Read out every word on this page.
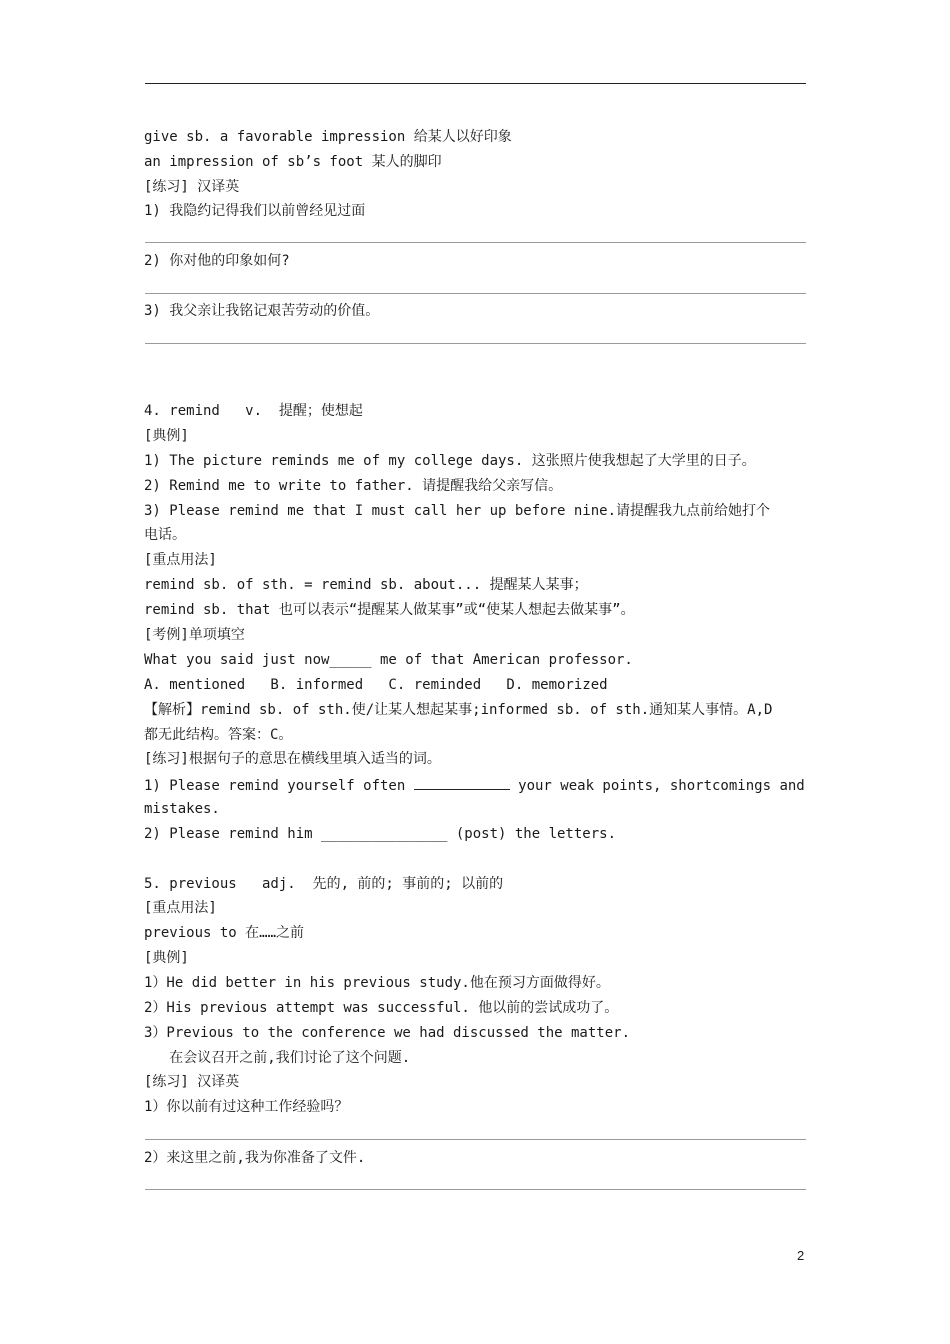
give sb. a favorable impression 给某人以好印象

an impression of sb’s foot 某人的脚印

[练习] 汉译英

1) 我隐约记得我们以前曾经见过面

2) 你对他的印象如何?

3) 我父亲让我铭记艰苦劳动的价值。

4. remind   v.  提醒；使想起

[典例]

1) The picture reminds me of my college days. 这张照片使我想起了大学里的日子。

2) Remind me to write to father. 请提醒我给父亲写信。

3) Please remind me that I must call her up before nine.请提醒我九点前给她打个

电话。

[重点用法]

remind sb. of sth. = remind sb. about... 提醒某人某事；

remind sb. that 也可以表示“提醒某人做某事”或“使某人想起去做某事”。

[考例]单项填空

What you said just now_____ me of that American professor.

A. mentioned   B. informed   C. reminded   D. memorized

【解析】remind sb. of sth.使/让某人想起某事;informed sb. of sth.通知某人事情。A,D

都无此结构。答案：C。

[练习]根据句子的意思在横线里填入适当的词。

1) Please remind yourself often	your weak points, shortcomings and

mistakes.

2) Please remind him _______________ (post) the letters.

5. previous   adj.  先的, 前的; 事前的; 以前的

[重点用法]

previous to 在……之前

[典例]

1）He did better in his previous study.他在预习方面做得好。

2）His previous attempt was successful. 他以前的尝试成功了。

3）Previous to the conference we had discussed the matter.

在会议召开之前,我们讨论了这个问题.

[练习] 汉译英

1）你以前有过这种工作经验吗？

2）来这里之前,我为你准备了文件.

2
